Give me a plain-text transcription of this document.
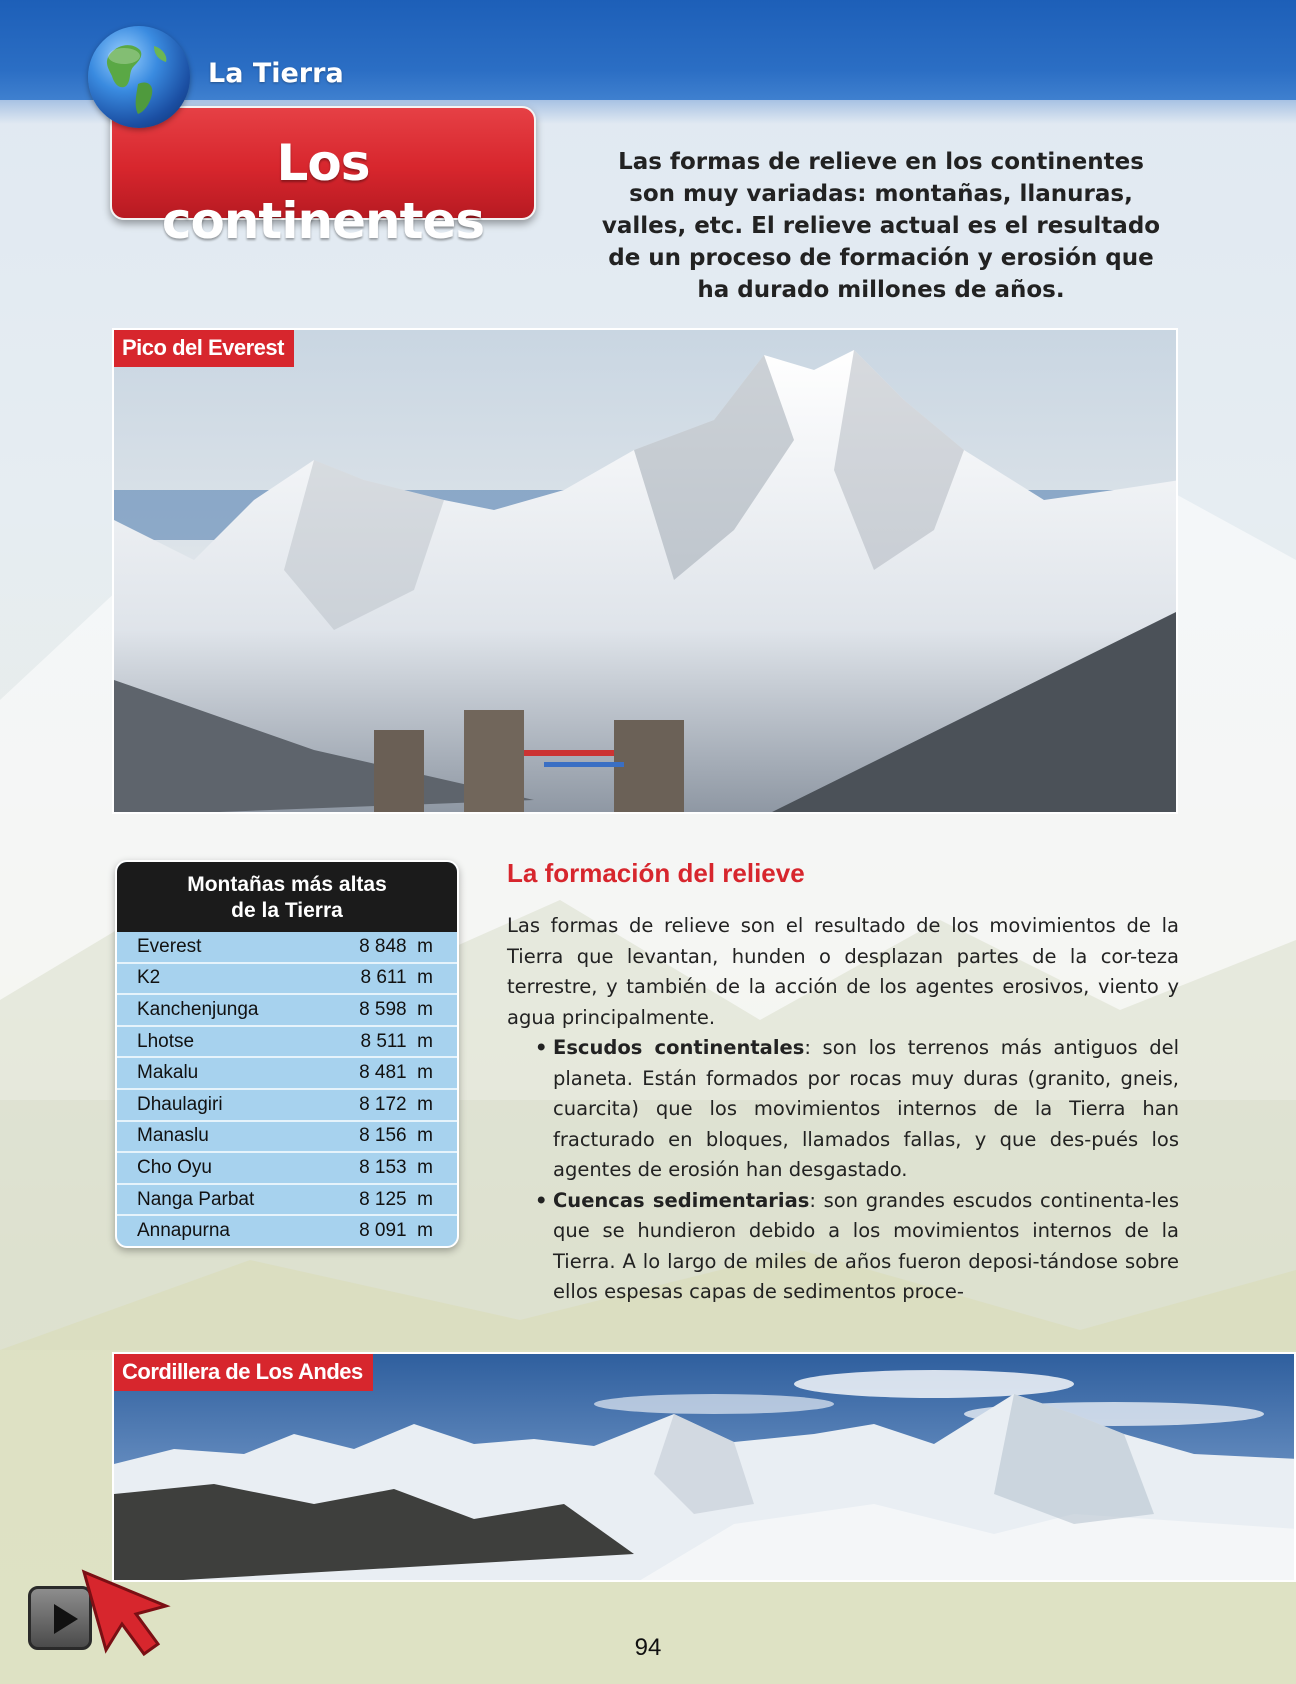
La Tierra
Los continentes
Las formas de relieve en los continentes son muy variadas: montañas, llanuras, valles, etc. El relieve actual es el resultado de un proceso de formación y erosión que ha durado millones de años.
Pico del Everest
Montañas más altas
de la Tierra
Everest	8 848 m
K2	8 611 m
Kanchenjunga	8 598 m
Lhotse	8 511 m
Makalu	8 481 m
Dhaulagiri	8 172 m
Manaslu	8 156 m
Cho Oyu	8 153 m
Nanga Parbat	8 125 m
Annapurna	8 091 m
La formación del relieve

Las formas de relieve son el resultado de los movimientos de la Tierra que levantan, hunden o desplazan partes de la cor-teza terrestre, y también de la acción de los agentes erosivos, viento y agua principalmente.

• Escudos continentales: son los terrenos más antiguos del planeta. Están formados por rocas muy duras (granito, gneis, cuarcita) que los movimientos internos de la Tierra han fracturado en bloques, llamados fallas, y que des-pués los agentes de erosión han desgastado.
• Cuencas sedimentarias: son grandes escudos continenta-les que se hundieron debido a los movimientos internos de la Tierra. A lo largo de miles de años fueron deposi-tándose sobre ellos espesas capas de sedimentos proce-
Cordillera de Los Andes
94
